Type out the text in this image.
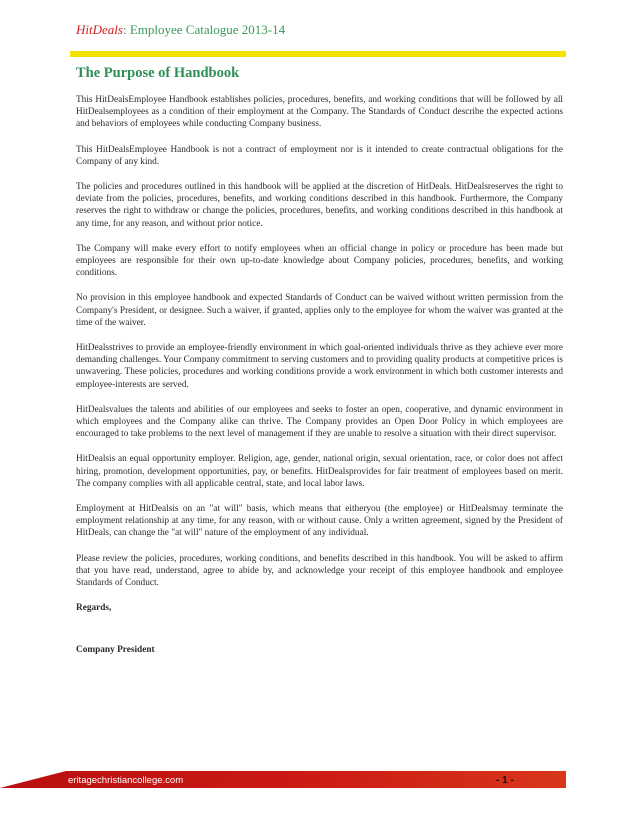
HitDeals: Employee Catalogue 2013-14
The Purpose of Handbook

This HitDealsEmployee Handbook establishes policies, procedures, benefits, and working conditions that will be followed by all HitDealsemployees as a condition of their employment at the Company. The Standards of Conduct describe the expected actions and behaviors of employees while conducting Company business.

This HitDealsEmployee Handbook is not a contract of employment nor is it intended to create contractual obligations for the Company of any kind.

The policies and procedures outlined in this handbook will be applied at the discretion of HitDeals. HitDealsreserves the right to deviate from the policies, procedures, benefits, and working conditions described in this handbook. Furthermore, the Company reserves the right to withdraw or change the policies, procedures, benefits, and working conditions described in this handbook at any time, for any reason, and without prior notice.

The Company will make every effort to notify employees when an official change in policy or procedure has been made but employees are responsible for their own up-to-date knowledge about Company policies, procedures, benefits, and working conditions.

No provision in this employee handbook and expected Standards of Conduct can be waived without written permission from the Company's President, or designee. Such a waiver, if granted, applies only to the employee for whom the waiver was granted at the time of the waiver.

HitDealsstrives to provide an employee-friendly environment in which goal-oriented individuals thrive as they achieve ever more demanding challenges. Your Company commitment to serving customers and to providing quality products at competitive prices is unwavering. These policies, procedures and working conditions provide a work environment in which both customer interests and employee-interests are served.

HitDealsvalues the talents and abilities of our employees and seeks to foster an open, cooperative, and dynamic environment in which employees and the Company alike can thrive. The Company provides an Open Door Policy in which employees are encouraged to take problems to the next level of management if they are unable to resolve a situation with their direct supervisor.

HitDealsis an equal opportunity employer. Religion, age, gender, national origin, sexual orientation, race, or color does not affect hiring, promotion, development opportunities, pay, or benefits. HitDealsprovides for fair treatment of employees based on merit. The company complies with all applicable central, state, and local labor laws.

Employment at HitDealsis on an "at will" basis, which means that eitheryou (the employee) or HitDealsmay terminate the employment relationship at any time, for any reason, with or without cause. Only a written agreement, signed by the President of HitDeals, can change the "at will" nature of the employment of any individual.

Please review the policies, procedures, working conditions, and benefits described in this handbook. You will be asked to affirm that you have read, understand, agree to abide by, and acknowledge your receipt of this employee handbook and employee Standards of Conduct.

Regards,

Company President

eritagechristiancollege.com	- 1 -
